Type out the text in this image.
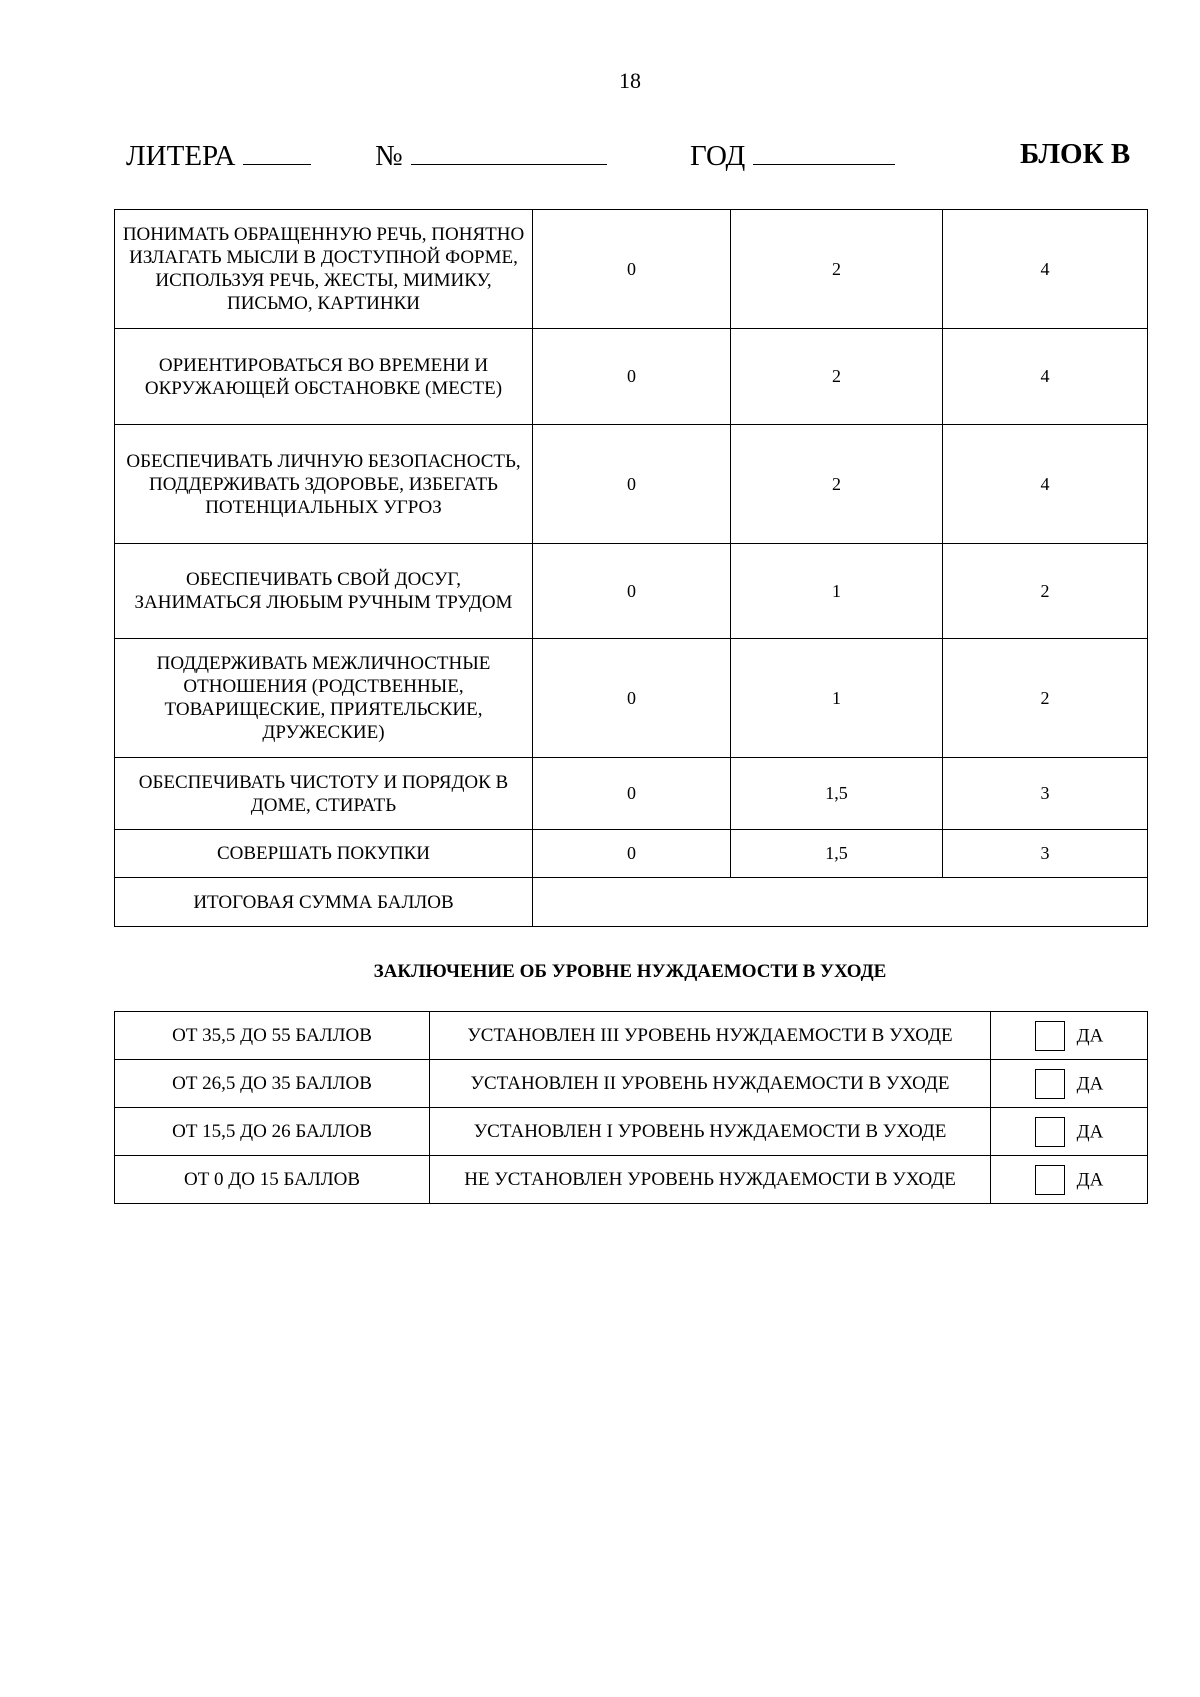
18
ЛИТЕРА	№	ГОД	БЛОК В
ПОНИМАТЬ ОБРАЩЕННУЮ РЕЧЬ, ПОНЯТНО ИЗЛАГАТЬ МЫСЛИ В ДОСТУПНОЙ ФОРМЕ, ИСПОЛЬЗУЯ РЕЧЬ, ЖЕСТЫ, МИМИКУ, ПИСЬМО, КАРТИНКИ	0	2	4
ОРИЕНТИРОВАТЬСЯ ВО ВРЕМЕНИ И ОКРУЖАЮЩЕЙ ОБСТАНОВКЕ (МЕСТЕ)	0	2	4
ОБЕСПЕЧИВАТЬ ЛИЧНУЮ БЕЗОПАСНОСТЬ, ПОДДЕРЖИВАТЬ ЗДОРОВЬЕ, ИЗБЕГАТЬ ПОТЕНЦИАЛЬНЫХ УГРОЗ	0	2	4
ОБЕСПЕЧИВАТЬ СВОЙ ДОСУГ, ЗАНИМАТЬСЯ ЛЮБЫМ РУЧНЫМ ТРУДОМ	0	1	2
ПОДДЕРЖИВАТЬ МЕЖЛИЧНОСТНЫЕ ОТНОШЕНИЯ (РОДСТВЕННЫЕ, ТОВАРИЩЕСКИЕ, ПРИЯТЕЛЬСКИЕ, ДРУЖЕСКИЕ)	0	1	2
ОБЕСПЕЧИВАТЬ ЧИСТОТУ И ПОРЯДОК В ДОМЕ, СТИРАТЬ	0	1,5	3
СОВЕРШАТЬ ПОКУПКИ	0	1,5	3
ИТОГОВАЯ СУММА БАЛЛОВ			
ЗАКЛЮЧЕНИЕ ОБ УРОВНЕ НУЖДАЕМОСТИ В УХОДЕ
ОТ 35,5 ДО 55 БАЛЛОВ	УСТАНОВЛЕН III УРОВЕНЬ НУЖДАЕМОСТИ В УХОДЕ	ДА
ОТ 26,5 ДО 35 БАЛЛОВ	УСТАНОВЛЕН II УРОВЕНЬ НУЖДАЕМОСТИ В УХОДЕ	ДА
ОТ 15,5 ДО 26 БАЛЛОВ	УСТАНОВЛЕН I УРОВЕНЬ НУЖДАЕМОСТИ В УХОДЕ	ДА
ОТ 0 ДО 15 БАЛЛОВ	НЕ УСТАНОВЛЕН УРОВЕНЬ НУЖДАЕМОСТИ В УХОДЕ	ДА
